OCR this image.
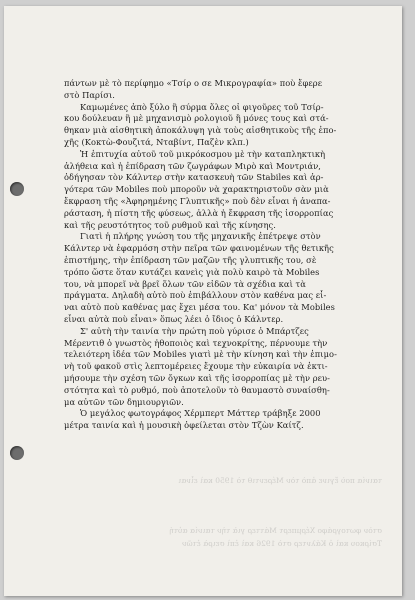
ταινία ποὺ ἔγινε ἀπὸ τὸν Μέρεντιθ τὸ 1950 καὶ εἶναι
στὸν φωτογράφο Χέρμπερτ Μάττερ γιὰ τὴν ταινία αὐτή
Τσίρκου καὶ ὁ Κάλντερ στὸ 1926 καὶ ἐπὶ σειρὰ ἐτῶν

πάντων μὲ τὸ περίφημο «Τσίρ ο σε Μικρογραφία» ποὺ ἔφερε
στὸ Παρίσι.

Καμωμένες ἀπὸ ξύλο ἢ σύρμα ὅλες οἱ φιγοῦρες τοῦ Τσίρ-
κου δούλευαν ἢ μὲ μηχανισμὸ ρολογιοῦ ἢ μόνες τους καὶ στά-
θηκαν μιὰ αἰσθητικὴ ἀποκάλυψη γιὰ τοὺς αἰσθητικοὺς τῆς ἐπο-
χῆς (Κοκτὼ-Φουζιτά, Νταβίντ, Παζὲν κλπ.)

Ἡ ἐπιτυχία αὐτοῦ τοῦ μικρόκοσμου μὲ τὴν καταπληκτικὴ
ἀλήθεια καὶ ἡ ἐπίδραση τῶν ζωγράφων Μιρὸ καὶ Μοντριάν,
ὁδήγησαν τὸν Κάλντερ στὴν κατασκευὴ τῶν Stabiles καὶ ἀρ-
γότερα τῶν Mobiles ποὺ μποροῦν νὰ χαρακτηριστοῦν σὰν μιὰ
ἔκφραση τῆς «Ἀφηρημένης Γλυπτικῆς» ποὺ δὲν εἶναι ἡ ἀναπα-
ράσταση, ἡ πίστη τῆς φύσεως, ἀλλὰ ἡ ἔκφραση τῆς ἰσορροπίας
καὶ τῆς ρευστότητος τοῦ ρυθμοῦ καὶ τῆς κίνησης.

Γιατὶ ἡ πλήρης γνώση του τῆς μηχανικῆς ἐπέτρεψε στὸν
Κάλντερ νὰ ἐφαρμόση στὴν πεῖρα τῶν φαινομένων τῆς θετικῆς
ἐπιστήμης, τὴν ἐπίδραση τῶν μαζῶν τῆς γλυπτικῆς του, σὲ
τρόπο ὥστε ὅταν κυτάζει κανεὶς γιὰ πολὺ καιρὸ τὰ Mobiles
του, νὰ μπορεῖ νὰ βρεῖ ὅλων τῶν εἰδῶν τὰ σχέδια καὶ τὰ
πράγματα. Δηλαδὴ αὐτὸ ποὺ ἐπιβάλλουν στὸν καθένα μας εἶ-
ναι αὐτὸ ποὺ καθένας μας ἔχει μέσα του. Κα' μόνον τὰ Mobiles
εἶναι αὐτὰ ποὺ εἶναι» ὅπως λέει ὁ ἴδιος ὁ Κάλντερ.

Σ' αὐτὴ τὴν ταινία τὴν πρώτη ποὺ γύρισε ὁ Μπάρτζες
Μέρεντιθ ὁ γνωστὸς ἠθοποιὸς καὶ τεχνοκρίτης, πέρνουμε τὴν
τελειότερη ἰδέα τῶν Mobiles γιατὶ μὲ τὴν κίνηση καὶ τὴν ἐπιμο-
νὴ τοῦ φακοῦ στὶς λεπτομέρειες ἔχουμε τὴν εὐκαιρία νὰ ἐκτι-
μήσουμε τὴν σχέση τῶν ὄγκων καὶ τῆς ἰσορροπίας μὲ τὴν ρευ-
στότητα καὶ τὸ ρυθμό, ποὺ ἀποτελοῦν τὸ θαυμαστὸ συναίσθη-
μα αὐτῶν τῶν δημιουργιῶν.

Ὁ μεγάλος φωτογράφος Χέρμπερτ Μάττερ τράβηξε 2000
μέτρα ταινία καὶ ἡ μουσικὴ ὀφείλεται στὸν Τζὼν Καίτζ.
